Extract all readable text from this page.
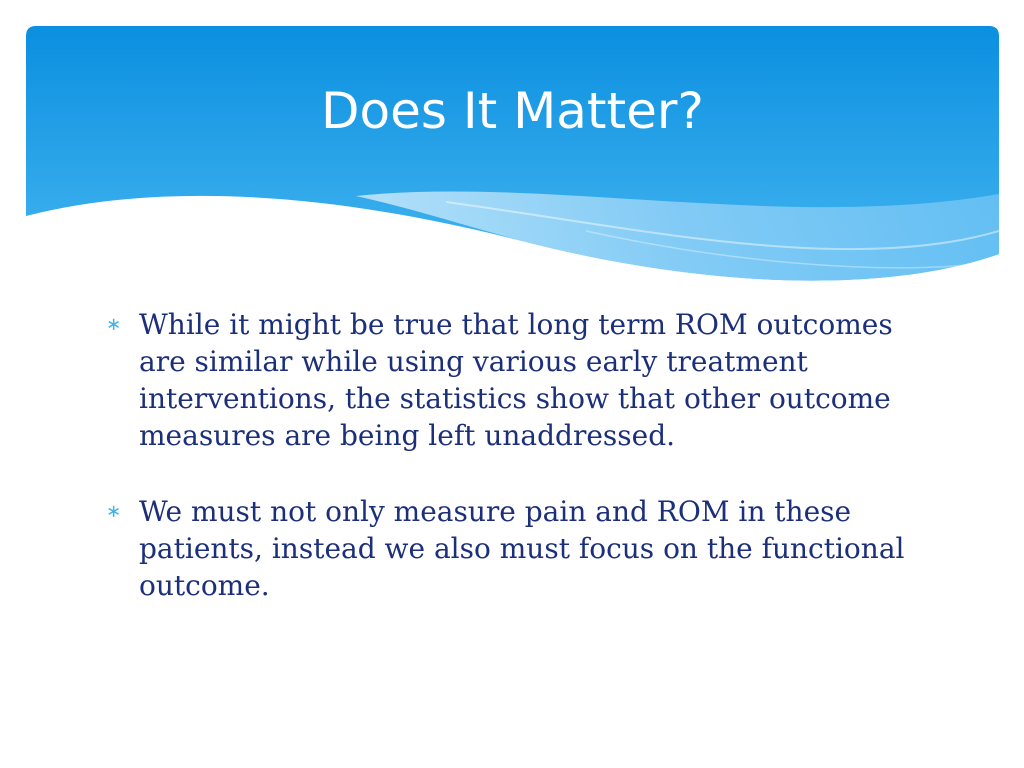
Does It Matter?
∗ While it might be true that long term ROM outcomes are similar while using various early treatment interventions, the statistics show that other outcome measures are being left unaddressed.
∗ We must not only measure pain and ROM in these patients, instead we also must focus on the functional outcome.
